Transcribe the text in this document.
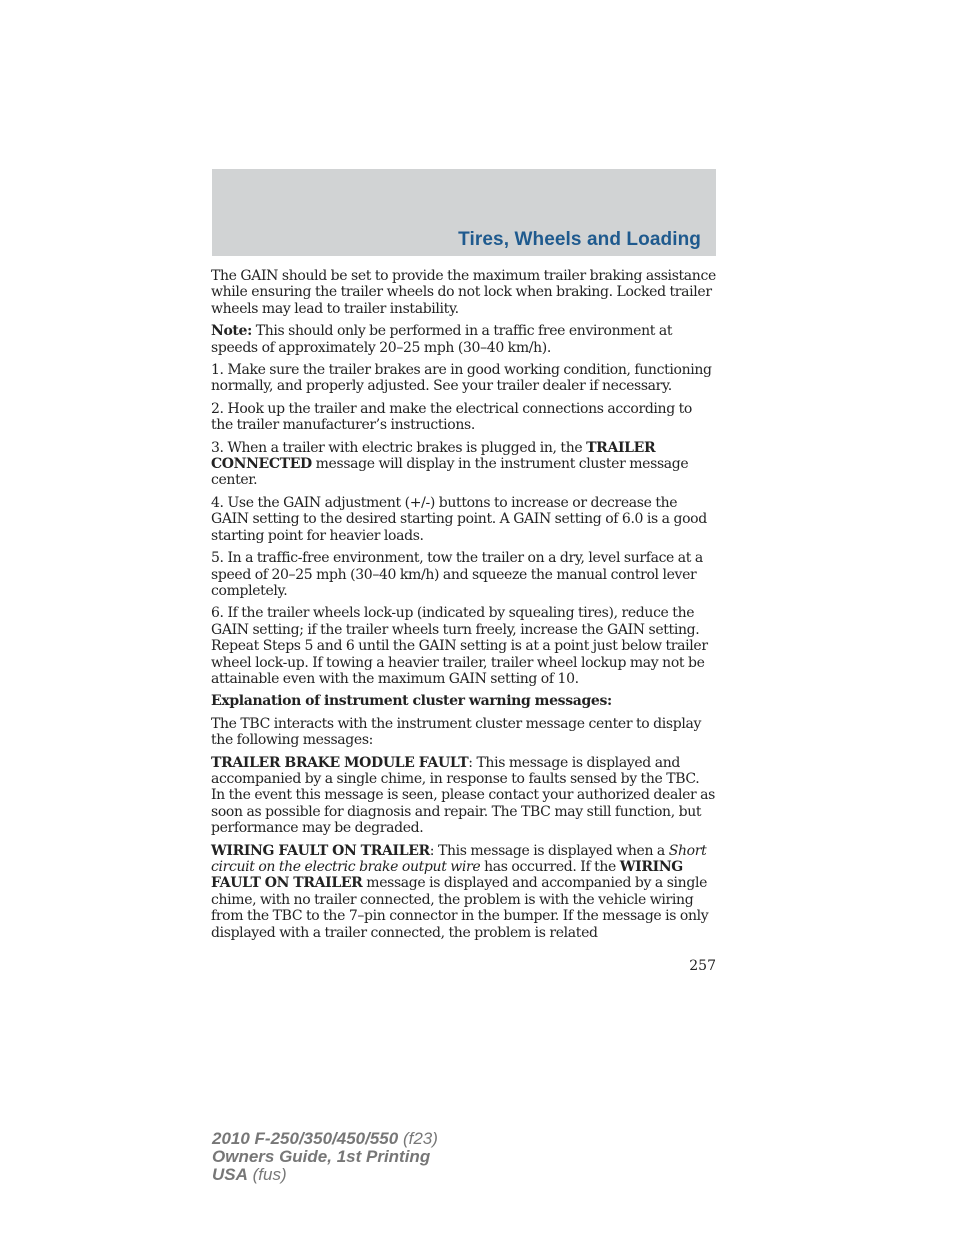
Tires, Wheels and Loading

The GAIN should be set to provide the maximum trailer braking assistance while ensuring the trailer wheels do not lock when braking. Locked trailer wheels may lead to trailer instability.

Note: This should only be performed in a traffic free environment at speeds of approximately 20–25 mph (30–40 km/h).

1. Make sure the trailer brakes are in good working condition, functioning normally, and properly adjusted. See your trailer dealer if necessary.

2. Hook up the trailer and make the electrical connections according to the trailer manufacturer’s instructions.

3. When a trailer with electric brakes is plugged in, the TRAILER CONNECTED message will display in the instrument cluster message center.

4. Use the GAIN adjustment (+/-) buttons to increase or decrease the GAIN setting to the desired starting point. A GAIN setting of 6.0 is a good starting point for heavier loads.

5. In a traffic-free environment, tow the trailer on a dry, level surface at a speed of 20–25 mph (30–40 km/h) and squeeze the manual control lever completely.

6. If the trailer wheels lock-up (indicated by squealing tires), reduce the GAIN setting; if the trailer wheels turn freely, increase the GAIN setting. Repeat Steps 5 and 6 until the GAIN setting is at a point just below trailer wheel lock-up. If towing a heavier trailer, trailer wheel lockup may not be attainable even with the maximum GAIN setting of 10.

Explanation of instrument cluster warning messages:

The TBC interacts with the instrument cluster message center to display the following messages:

TRAILER BRAKE MODULE FAULT: This message is displayed and accompanied by a single chime, in response to faults sensed by the TBC. In the event this message is seen, please contact your authorized dealer as soon as possible for diagnosis and repair. The TBC may still function, but performance may be degraded.

WIRING FAULT ON TRAILER: This message is displayed when a Short circuit on the electric brake output wire has occurred. If the WIRING FAULT ON TRAILER message is displayed and accompanied by a single chime, with no trailer connected, the problem is with the vehicle wiring from the TBC to the 7–pin connector in the bumper. If the message is only displayed with a trailer connected, the problem is related

257
2010 F-250/350/450/550 (f23)
Owners Guide, 1st Printing
USA (fus)
